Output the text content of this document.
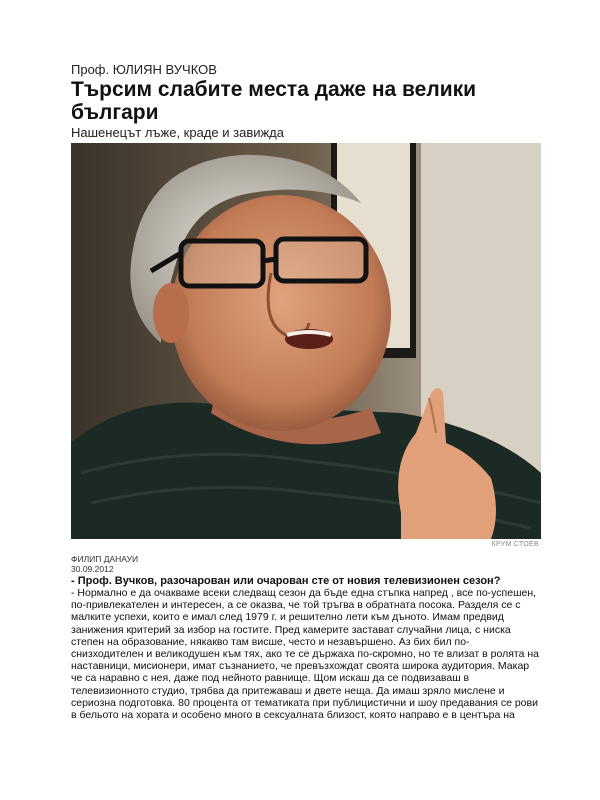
Проф. ЮЛИЯН ВУЧКОВ

Търсим слабите места даже на велики българи

Нашенецът лъже, краде и завижда

КРУМ СТОЕВ
ФИЛИП ДАНАУИ
30.09.2012
- Проф. Вучков, разочарован или очарован сте от новия телевизионен сезон?

- Нормално е да очакваме всеки следващ сезон да бъде една стъпка напред , все по-успешен, по-привлекателен и интересен, а се оказва, че той тръгва в обратната посока. Разделя се с малките успехи, които е имал след 1979 г. и решително лети към дъното. Имам предвид занижения критерий за избор на гостите. Пред камерите застават случайни лица, с ниска степен на образование, някакво там висше, често и незавършено. Аз бих бил по-снизходителен и великодушен към тях, ако те се държаха по-скромно, но те влизат в ролята на наставници, мисионери, имат съзнанието, че превъзхождат своята широка аудитория. Макар че са наравно с нея, даже под нейното равнище. Щом искаш да се подвизаваш в телевизионното студио, трябва да притежаваш и двете неща. Да имаш зряло мислене и сериозна подготовка. 80 процента от тематиката при публицистични и шоу предавания се рови в бельото на хората и особено много в сексуалната близост, която направо е в центъра на
